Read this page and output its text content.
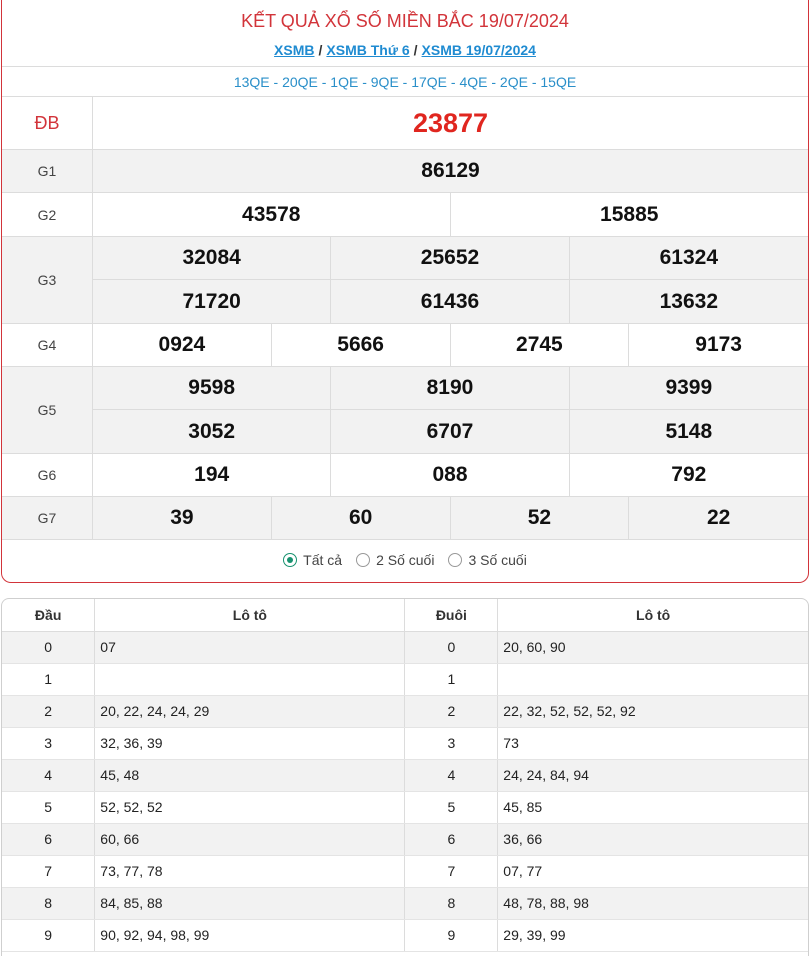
KẾT QUẢ XỔ SỐ MIỀN BẮC 19/07/2024
XSMB / XSMB Thứ 6 / XSMB 19/07/2024
13QE - 20QE - 1QE - 9QE - 17QE - 4QE - 2QE - 15QE
ĐB	23877
G1	86129
G2	43578	15885
G3
32084	25652	61324
71720	61436	13632
G4	0924	5666	2745	9173
G5
9598	8190	9399
3052	6707	5148
G6	194	088	792
G7	39	60	52	22
Tất cả 2 Số cuối 3 Số cuối
Đầu	Lô tô	Đuôi	Lô tô
0	07	0	20, 60, 90
1		1	
2	20, 22, 24, 24, 29	2	22, 32, 52, 52, 52, 92
3	32, 36, 39	3	73
4	45, 48	4	24, 24, 84, 94
5	52, 52, 52	5	45, 85
6	60, 66	6	36, 66
7	73, 77, 78	7	07, 77
8	84, 85, 88	8	48, 78, 88, 98
9	90, 92, 94, 98, 99	9	29, 39, 99
